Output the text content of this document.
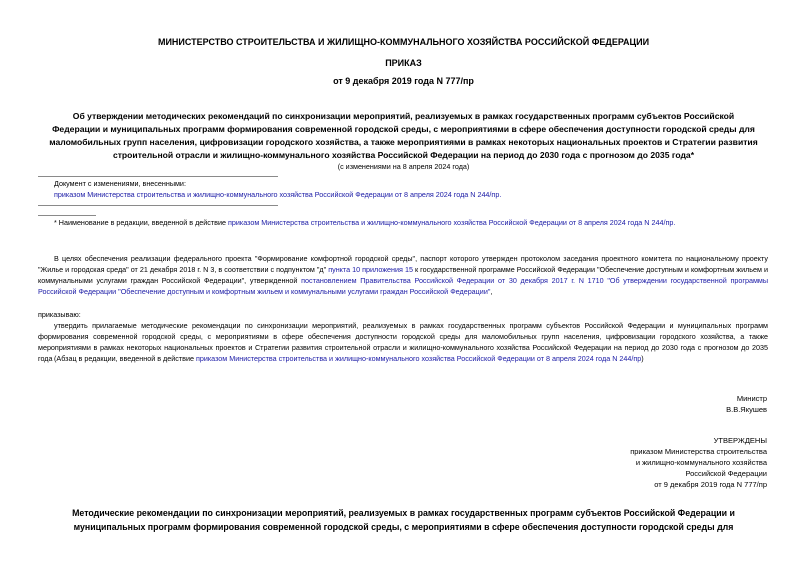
МИНИСТЕРСТВО СТРОИТЕЛЬСТВА И ЖИЛИЩНО-КОММУНАЛЬНОГО ХОЗЯЙСТВА РОССИЙСКОЙ ФЕДЕРАЦИИ
ПРИКАЗ
от 9 декабря 2019 года N 777/пр
Об утверждении методических рекомендаций по синхронизации мероприятий, реализуемых в рамках государственных программ субъектов Российской
Федерации и муниципальных программ формирования современной городской среды, с мероприятиями в сфере обеспечения доступности городской среды для
маломобильных групп населения, цифровизации городского хозяйства, а также мероприятиями в рамках некоторых национальных проектов и Стратегии развития
строительной отрасли и жилищно-коммунального хозяйства Российской Федерации на период до 2030 года с прогнозом до 2035 года*
(с изменениями на 8 апреля 2024 года)
Документ с изменениями, внесенными:
приказом Министерства строительства и жилищно-коммунального хозяйства Российской Федерации от 8 апреля 2024 года N 244/пр.
* Наименование в редакции, введенной в действие приказом Министерства строительства и жилищно-коммунального хозяйства Российской Федерации от 8 апреля 2024 года N 244/пр.
В целях обеспечения реализации федерального проекта "Формирование комфортной городской среды", паспорт которого утвержден протоколом заседания проектного комитета по национальному проекту "Жилье и городская среда" от 21 декабря 2018 г. N 3, в соответствии с подпунктом "д" пункта 10 приложения 15 к государственной программе Российской Федерации "Обеспечение доступным и комфортным жильем и коммунальными услугами граждан Российской Федерации", утвержденной постановлением Правительства Российской Федерации от 30 декабря 2017 г. N 1710 "Об утверждении государственной программы Российской Федерации "Обеспечение доступным и комфортным жильем и коммунальными услугами граждан Российской Федерации",
приказываю:
утвердить прилагаемые методические рекомендации по синхронизации мероприятий, реализуемых в рамках государственных программ субъектов Российской Федерации и муниципальных программ формирования современной городской среды, с мероприятиями в сфере обеспечения доступности городской среды для маломобильных групп населения, цифровизации городского хозяйства, а также мероприятиями в рамках некоторых национальных проектов и Стратегии развития строительной отрасли и жилищно-коммунального хозяйства Российской Федерации на период до 2030 года с прогнозом до 2035 года (Абзац в редакции, введенной в действие приказом Министерства строительства и жилищно-коммунального хозяйства Российской Федерации от 8 апреля 2024 года N 244/пр)
Министр
В.В.Якушев
УТВЕРЖДЕНЫ
приказом Министерства строительства
и жилищно-коммунального хозяйства
Российской Федерации
от 9 декабря 2019 года N 777/пр
Методические рекомендации по синхронизации мероприятий, реализуемых в рамках государственных программ субъектов Российской Федерации и
муниципальных программ формирования современной городской среды, с мероприятиями в сфере обеспечения доступности городской среды для
